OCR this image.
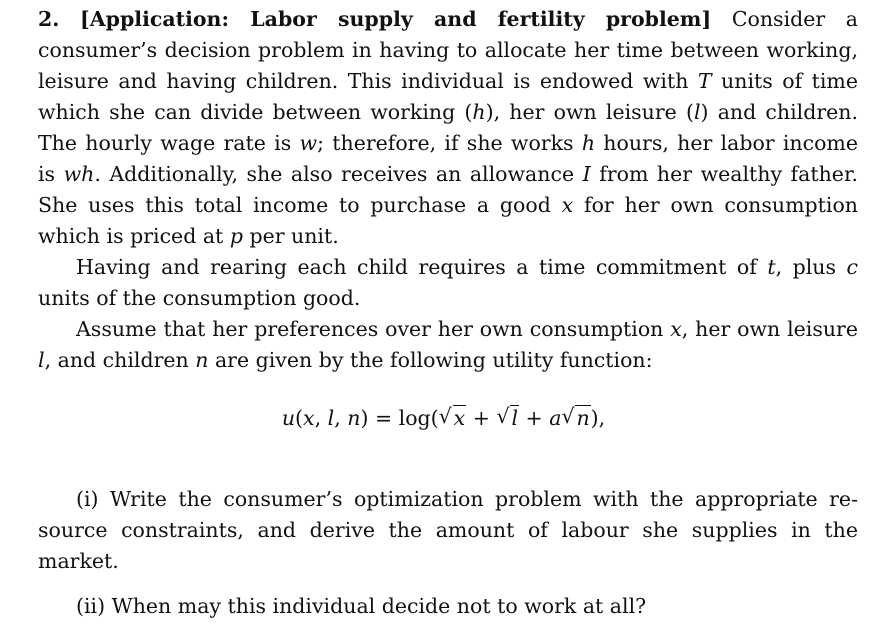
2. [Application: Labor supply and fertility problem] Consider a
consumer’s decision problem in having to allocate her time between working,
leisure and having children. This individual is endowed with T units of time
which she can divide between working (h), her own leisure (l) and children.
The hourly wage rate is w; therefore, if she works h hours, her labor income
is wh. Additionally, she also receives an allowance I from her wealthy father.
She uses this total income to purchase a good x for her own consumption
which is priced at p per unit.
Having and rearing each child requires a time commitment of t, plus c
units of the consumption good.
Assume that her preferences over her own consumption x, her own leisure
l, and children n are given by the following utility function:
u(x, l, n) = log( √ x + √ l + a √ n),
(i) Write the consumer’s optimization problem with the appropriate re-
source constraints, and derive the amount of labour she supplies in the
market.
(ii) When may this individual decide not to work at all?
